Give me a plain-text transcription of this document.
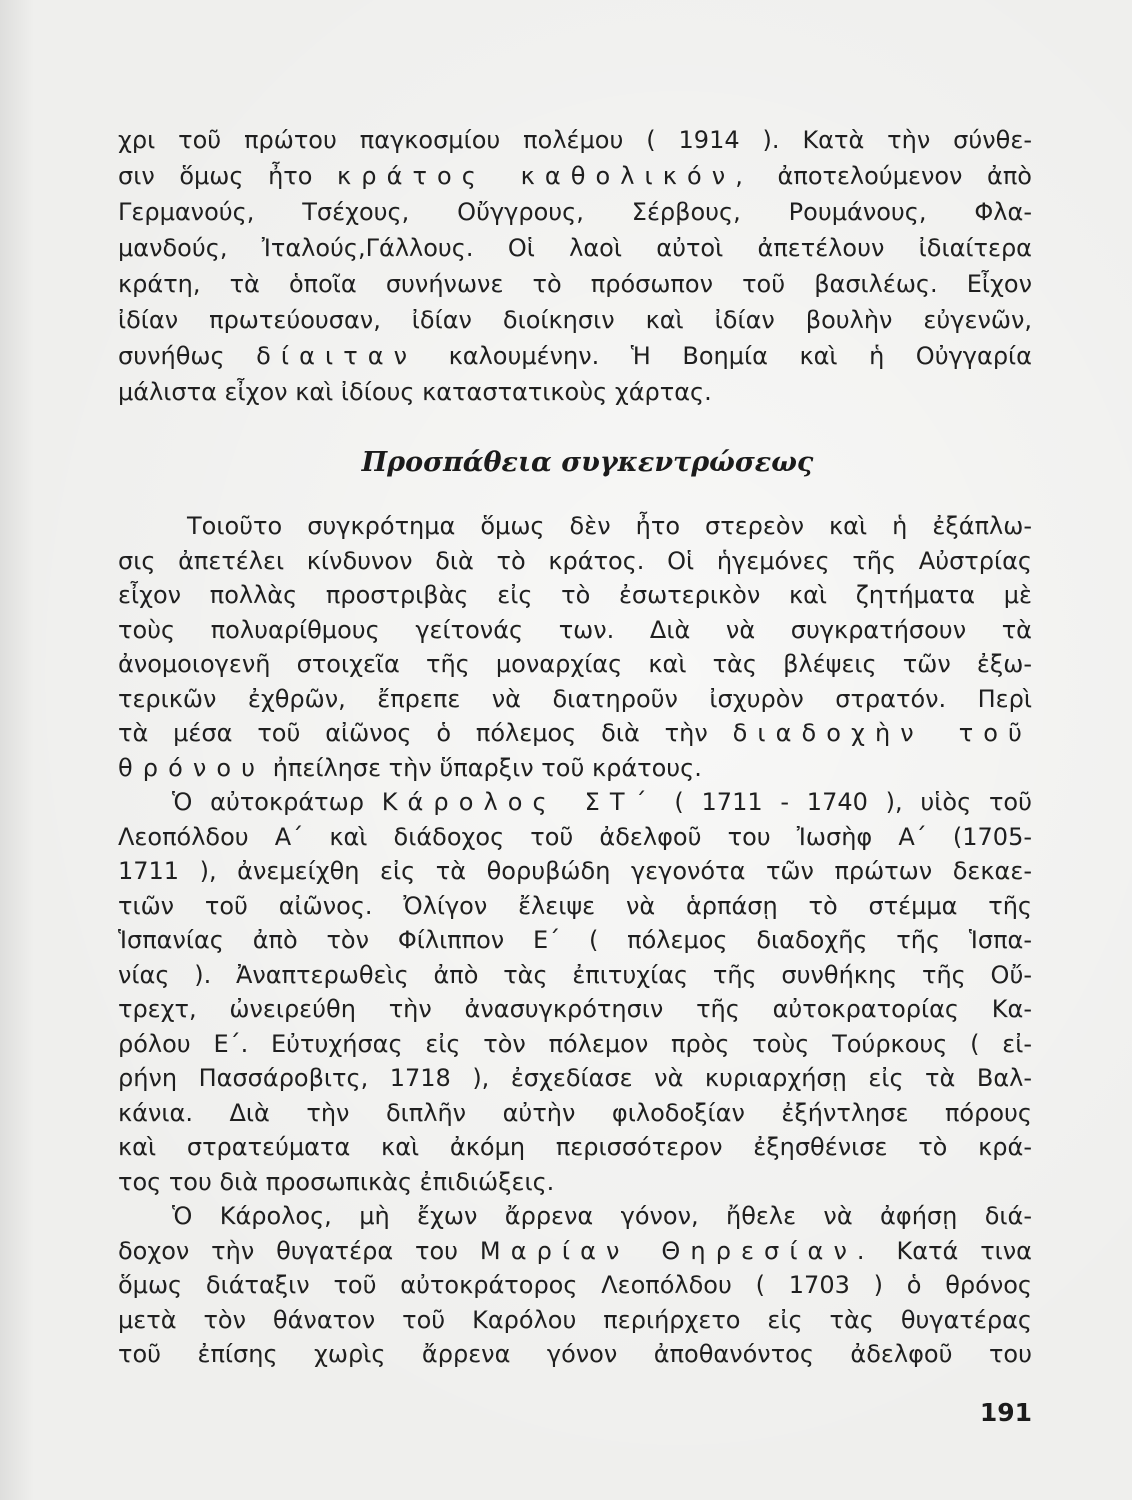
χρι τοῦ πρώτου παγκοσμίου πολέμου ( 1914 ). Κατὰ τὴν σύνθε-
σιν ὅμως ἦτο κράτος καθολικόν, ἀποτελούμενον ἀπὸ
Γερμανούς, Τσέχους, Οὔγγρους, Σέρβους, Ρουμάνους, Φλα-
μανδούς, Ἰταλούς,Γάλλους. Οἱ λαοὶ αὐτοὶ ἀπετέλουν ἰδιαίτερα
κράτη, τὰ ὁποῖα συνήνωνε τὸ πρόσωπον τοῦ βασιλέως. Εἶχον
ἰδίαν πρωτεύουσαν, ἰδίαν διοίκησιν καὶ ἰδίαν βουλὴν εὐγενῶν,
συνήθως δίαιταν καλουμένην. Ἡ Βοημία καὶ ἡ Οὐγγαρία
μάλιστα εἶχον καὶ ἰδίους καταστατικοὺς χάρτας.
Προσπάθεια συγκεντρώσεως
Τοιοῦτο συγκρότημα ὅμως δὲν ἦτο στερεὸν καὶ ἡ ἐξάπλω-
σις ἀπετέλει κίνδυνον διὰ τὸ κράτος. Οἱ ἡγεμόνες τῆς Αὐστρίας
εἶχον πολλὰς προστριβὰς εἰς τὸ ἐσωτερικὸν καὶ ζητήματα μὲ
τοὺς πολυαρίθμους γείτονάς των. Διὰ νὰ συγκρατήσουν τὰ
ἀνομοιογενῆ στοιχεῖα τῆς μοναρχίας καὶ τὰς βλέψεις τῶν ἐξω-
τερικῶν ἐχθρῶν, ἔπρεπε νὰ διατηροῦν ἰσχυρὸν στρατόν. Περὶ
τὰ μέσα τοῦ αἰῶνος ὁ πόλεμος διὰ τὴν διαδοχὴν τοῦ
θρόνου ἠπείλησε τὴν ὕπαρξιν τοῦ κράτους.
Ὁ αὐτοκράτωρ Κάρολος ΣΤ΄ ( 1711 - 1740 ), υἱὸς τοῦ
Λεοπόλδου Α΄ καὶ διάδοχος τοῦ ἀδελφοῦ του Ἰωσὴφ Α΄ (1705-
1711 ), ἀνεμείχθη εἰς τὰ θορυβώδη γεγονότα τῶν πρώτων δεκαε-
τιῶν τοῦ αἰῶνος. Ὀλίγον ἔλειψε νὰ ἁρπάσῃ τὸ στέμμα τῆς
Ἱσπανίας ἀπὸ τὸν Φίλιππον Ε΄ ( πόλεμος διαδοχῆς τῆς Ἱσπα-
νίας ). Ἀναπτερωθεὶς ἀπὸ τὰς ἐπιτυχίας τῆς συνθήκης τῆς Οὔ-
τρεχτ, ὠνειρεύθη τὴν ἀνασυγκρότησιν τῆς αὐτοκρατορίας Κα-
ρόλου Ε΄. Εὐτυχήσας εἰς τὸν πόλεμον πρὸς τοὺς Τούρκους ( εἰ-
ρήνη Πασσάροβιτς, 1718 ), ἐσχεδίασε νὰ κυριαρχήσῃ εἰς τὰ Βαλ-
κάνια. Διὰ τὴν διπλῆν αὐτὴν φιλοδοξίαν ἐξήντλησε πόρους
καὶ στρατεύματα καὶ ἀκόμη περισσότερον ἐξησθένισε τὸ κρά-
τος του διὰ προσωπικὰς ἐπιδιώξεις.
Ὁ Κάρολος, μὴ ἔχων ἄρρενα γόνον, ἤθελε νὰ ἀφήσῃ διά-
δοχον τὴν θυγατέρα του Μαρίαν Θηρεσίαν. Κατά τινα
ὅμως διάταξιν τοῦ αὐτοκράτορος Λεοπόλδου ( 1703 ) ὁ θρόνος
μετὰ τὸν θάνατον τοῦ Καρόλου περιήρχετο εἰς τὰς θυγατέρας
τοῦ ἐπίσης χωρὶς ἄρρενα γόνον ἀποθανόντος ἀδελφοῦ του
191
